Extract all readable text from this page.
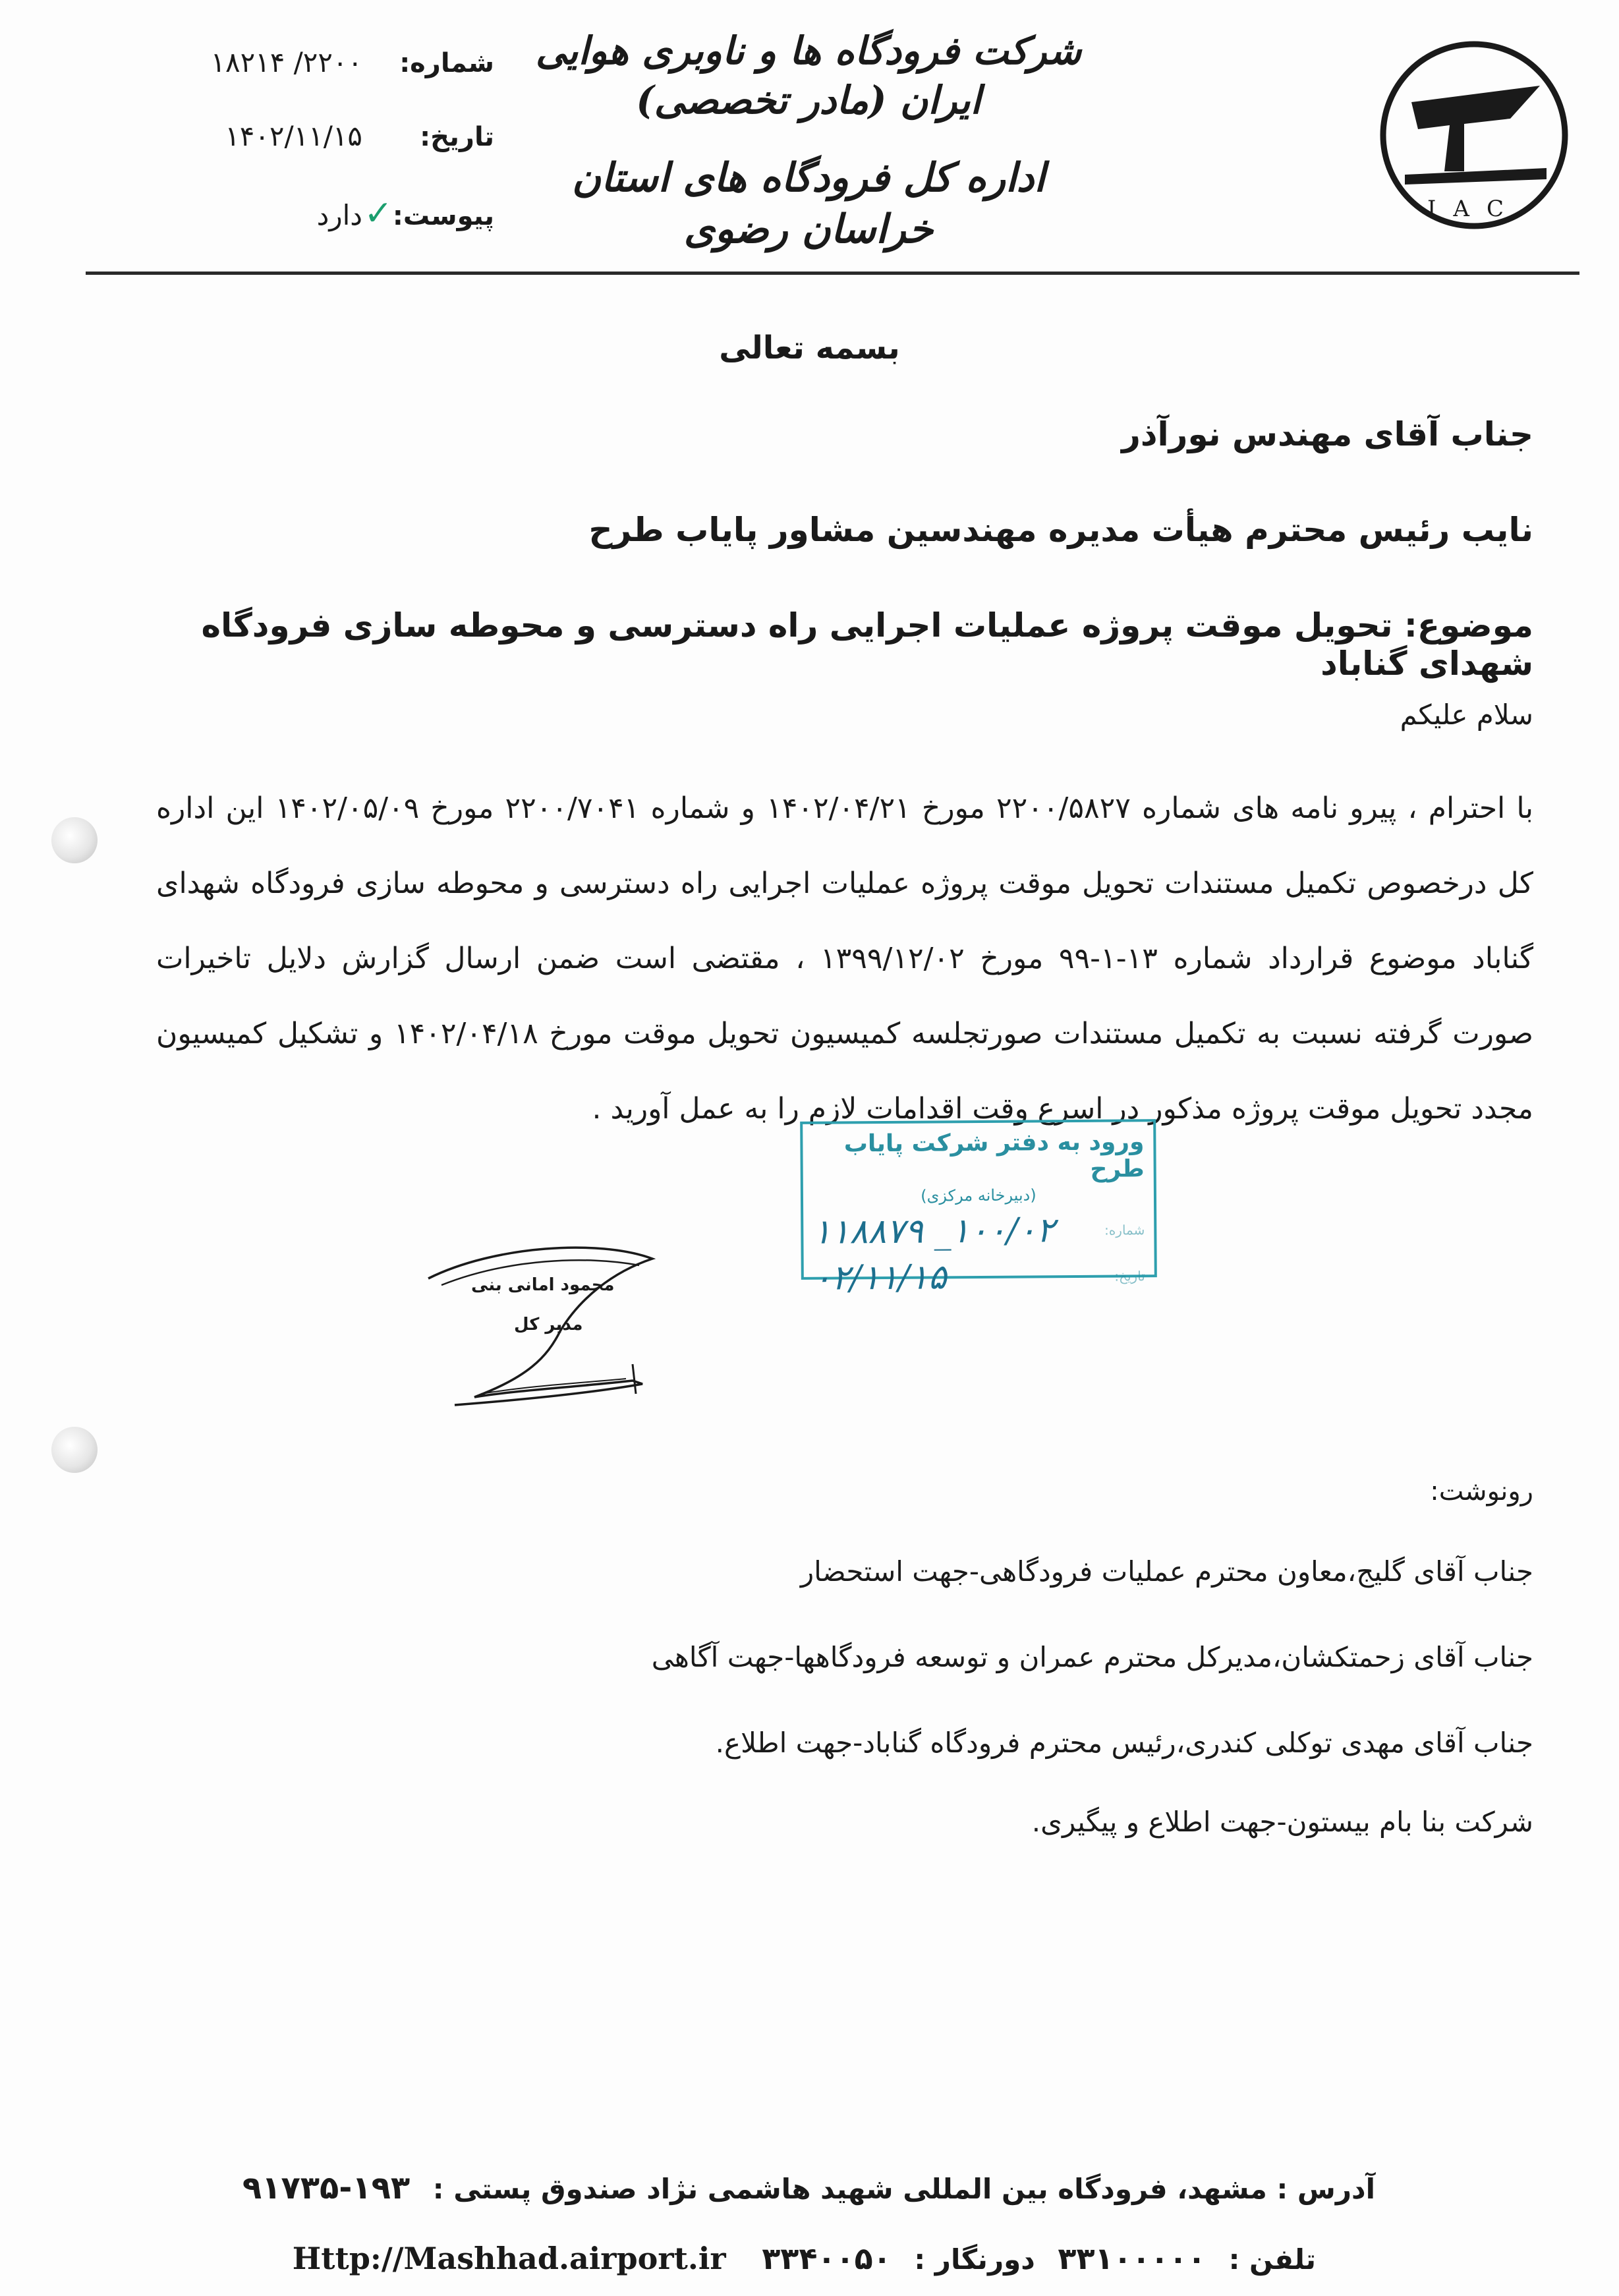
IAC

شرکت فرودگاه ها و ناوبری هوایی ایران (مادر تخصصی)

اداره کل فرودگاه های استان خراسان رضوی

شماره:
۲۲۰۰/ ۱۸۲۱۴
تاریخ:
۱۴۰۲/۱۱/۱۵
پیوست:✓
دارد
بسمه تعالی
جناب آقای مهندس نورآذر
نایب رئیس محترم هیأت مدیره مهندسین مشاور پایاب طرح
موضوع: تحویل موقت پروژه عملیات اجرایی راه دسترسی و محوطه سازی فرودگاه شهدای گناباد
سلام علیکم
با احترام ، پیرو نامه های شماره ۲۲۰۰/۵۸۲۷ مورخ ۱۴۰۲/۰۴/۲۱ و شماره ۲۲۰۰/۷۰۴۱ مورخ ۱۴۰۲/۰۵/۰۹ این اداره کل درخصوص تکمیل مستندات تحویل موقت پروژه عملیات اجرایی راه دسترسی و محوطه سازی فرودگاه شهدای گناباد موضوع قرارداد شماره ۱۳-۱-۹۹ مورخ ۱۳۹۹/۱۲/۰۲ ، مقتضی است ضمن ارسال گزارش دلایل تاخیرات صورت گرفته نسبت به تکمیل مستندات صورتجلسه کمیسیون تحویل موقت مورخ ۱۴۰۲/۰۴/۱۸ و تشکیل کمیسیون مجدد تحویل موقت پروژه مذکور در اسرع وقت اقدامات لازم را به عمل آورید .
ورود به دفتر شرکت پایاب طرح
(دبیرخانه مرکزی)
شماره:
۱۰۰/۰۲_ ۱۱۸۸۷۹
تاریخ:
۰۲/۱۱/۱۵
محمود امانی بنی
مدیر کل
رونوشت:
جناب آقای گلیج،معاون محترم عملیات فرودگاهی-جهت استحضار
جناب آقای زحمتکشان،مدیرکل محترم عمران و توسعه فرودگاهها-جهت آگاهی
جناب آقای مهدی توکلی کندری،رئیس محترم فرودگاه گناباد-جهت اطلاع.
شرکت بنا بام بیستون-جهت اطلاع و پیگیری.
آدرس : مشهد، فرودگاه بین المللی شهید هاشمی نژاد صندوق پستی : ۱۹۳-۹۱۷۳۵
تلفن : ۳۳۱۰۰۰۰۰ دورنگار : ۳۳۴۰۰۵۰ Http://Mashhad.airport.ir
